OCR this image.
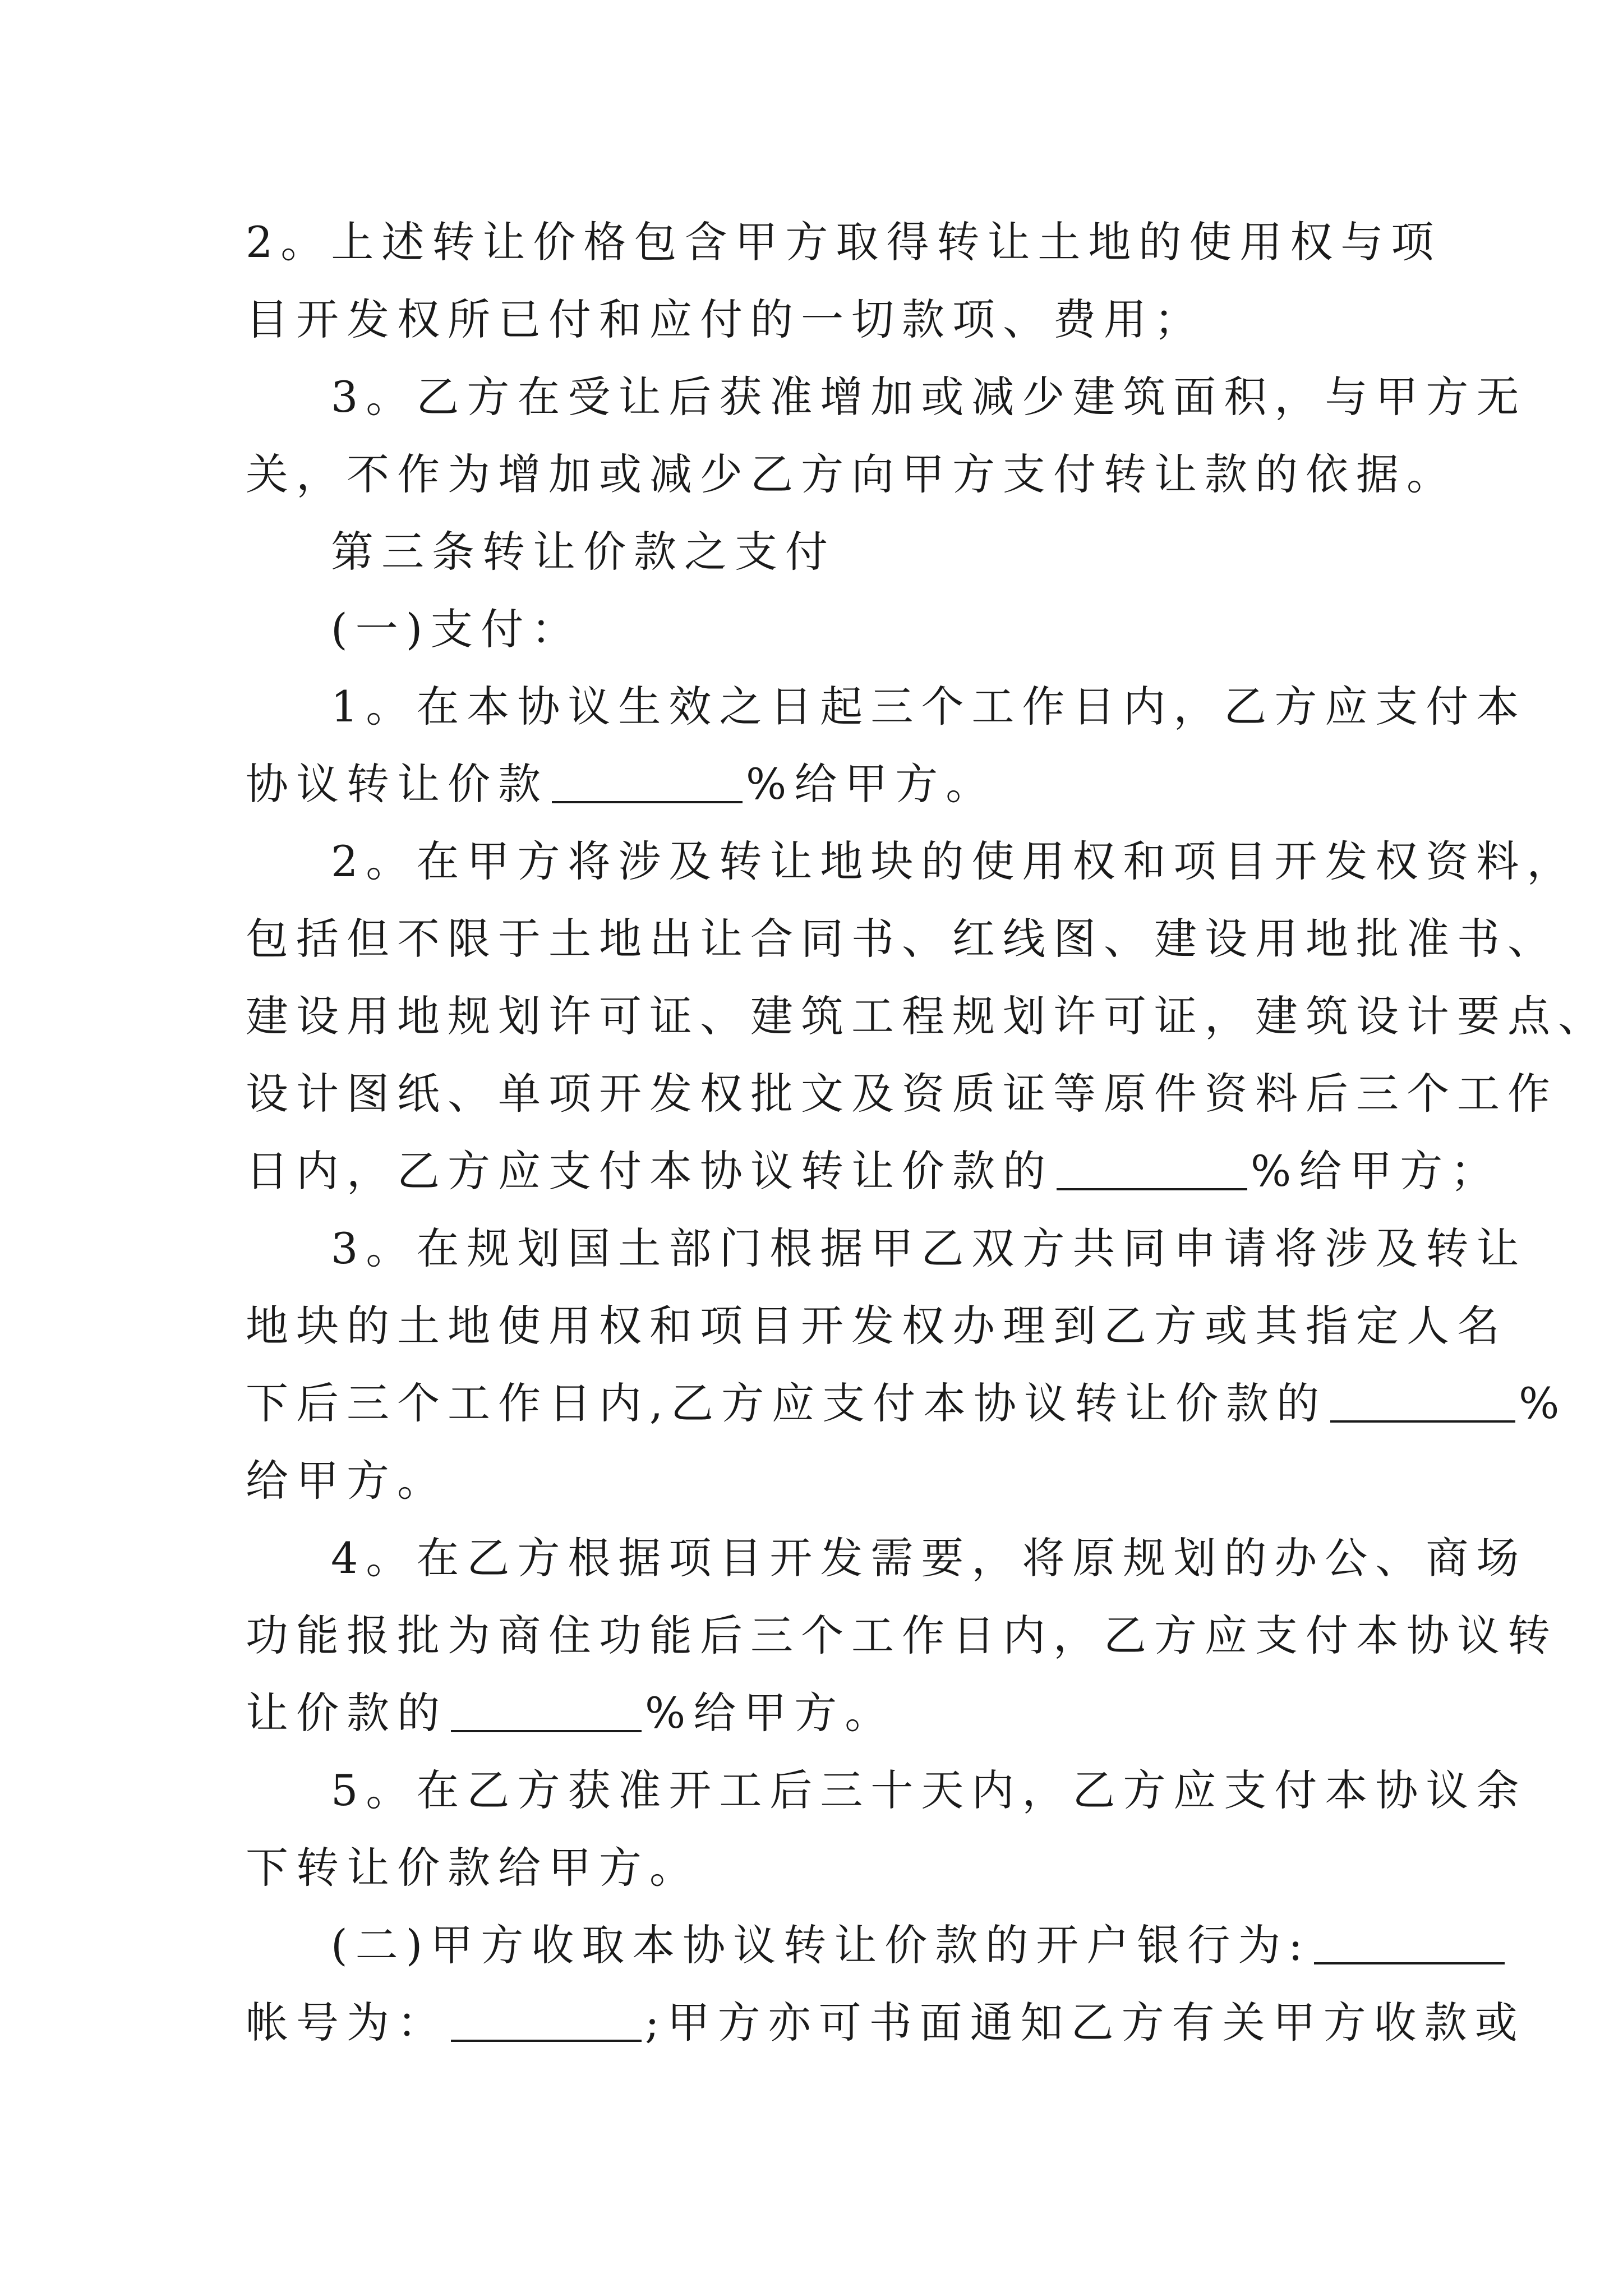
2。上述转让价格包含甲方取得转让土地的使用权与项
目开发权所已付和应付的一切款项、费用；
3。乙方在受让后获准增加或减少建筑面积，与甲方无
关，不作为增加或减少乙方向甲方支付转让款的依据。
第三条转让价款之支付
(一)支付：
1。在本协议生效之日起三个工作日内，乙方应支付本
协议转让价款	%给甲方。
2。在甲方将涉及转让地块的使用权和项目开发权资料，
包括但不限于土地出让合同书、红线图、建设用地批准书、
建设用地规划许可证、建筑工程规划许可证，建筑设计要点、
设计图纸、单项开发权批文及资质证等原件资料后三个工作
日内，乙方应支付本协议转让价款的	%给甲方；
3。在规划国土部门根据甲乙双方共同申请将涉及转让
地块的土地使用权和项目开发权办理到乙方或其指定人名
下后三个工作日内,乙方应支付本协议转让价款的	%
给甲方。
4。在乙方根据项目开发需要，将原规划的办公、商场
功能报批为商住功能后三个工作日内，乙方应支付本协议转
让价款的	%给甲方。
5。在乙方获准开工后三十天内，乙方应支付本协议余
下转让价款给甲方。
(二)甲方收取本协议转让价款的开户银行为:
帐号为：	;甲方亦可书面通知乙方有关甲方收款或
